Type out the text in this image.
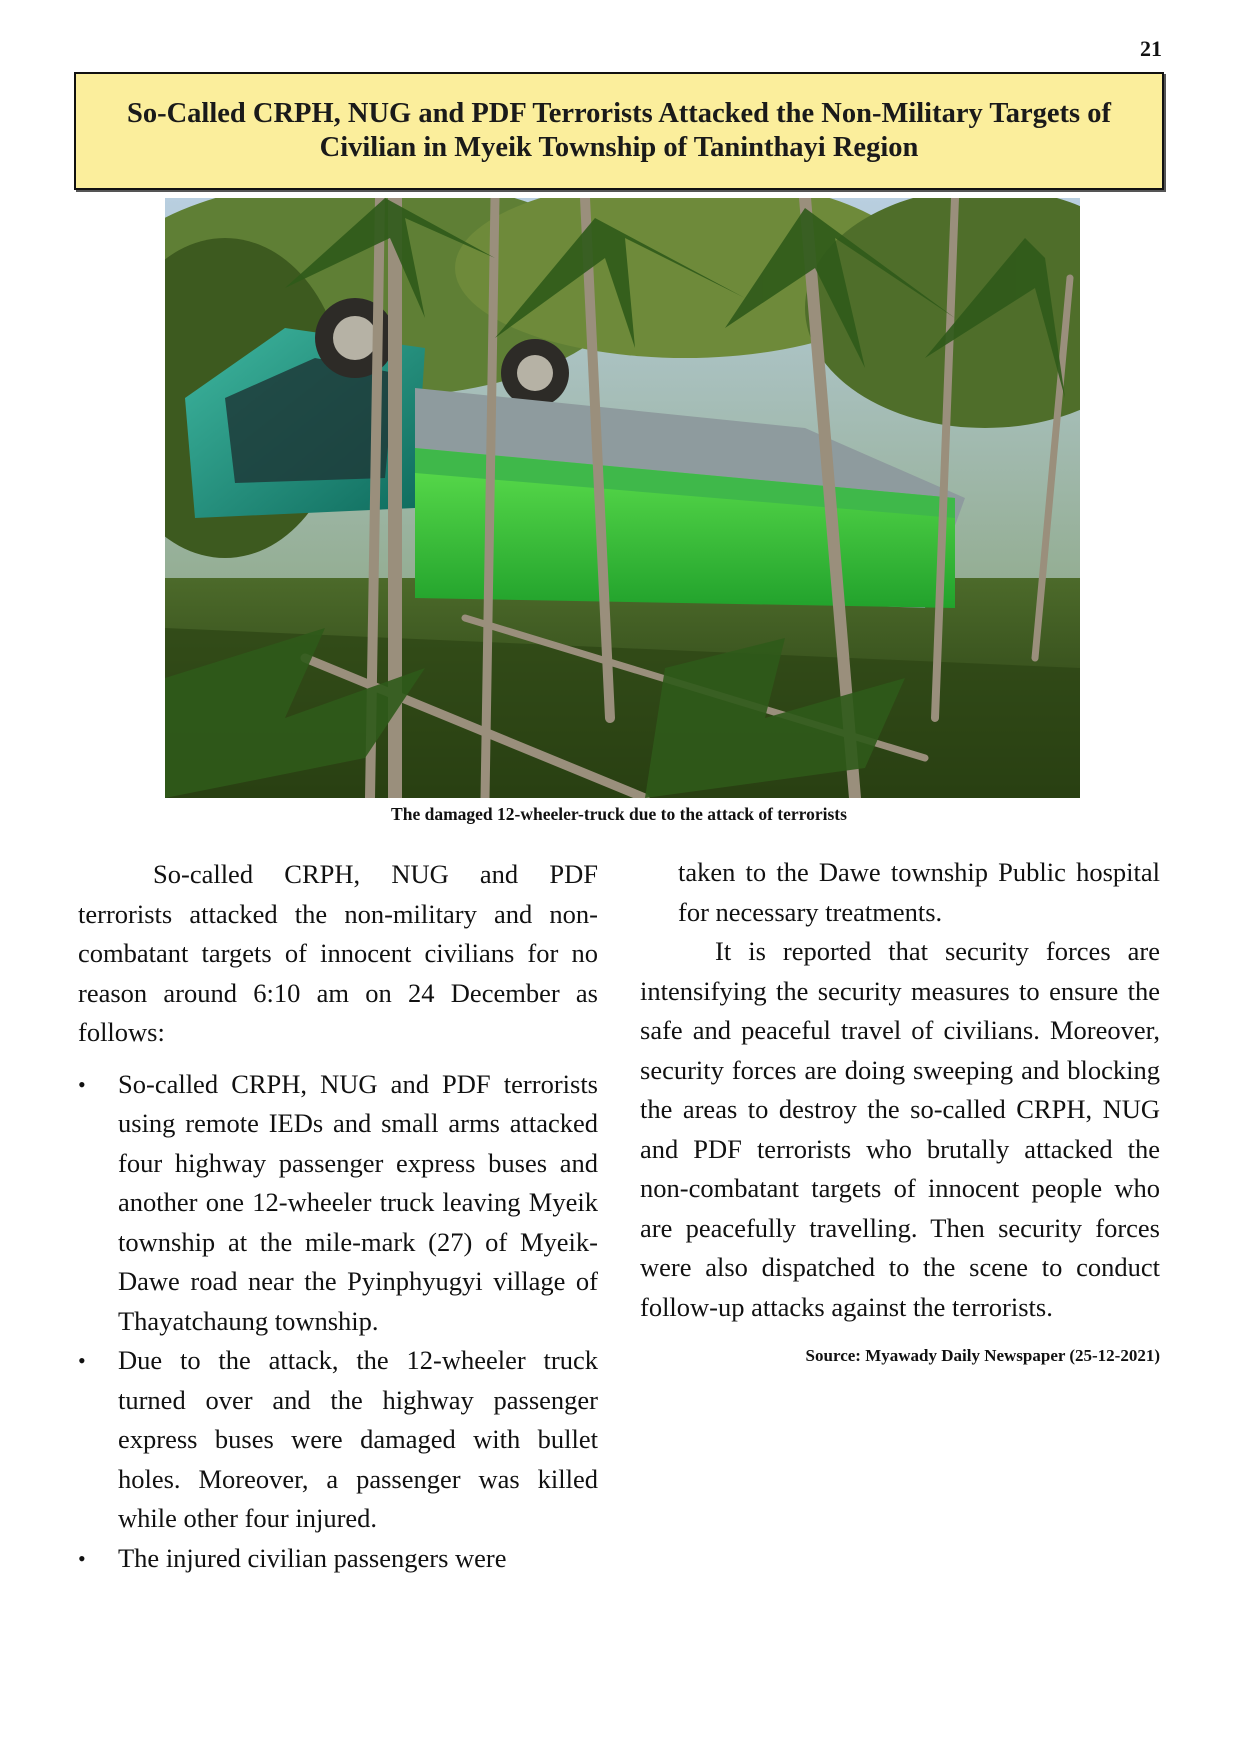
21
So-Called CRPH, NUG and PDF Terrorists Attacked the Non-Military Targets of
Civilian in Myeik Township of Taninthayi Region
The damaged 12-wheeler-truck due to the attack of terrorists

So-called CRPH, NUG and PDF terrorists attacked the non-military and non-combatant targets of innocent civilians for no reason around 6:10 am on 24 December as follows:

• So-called CRPH, NUG and PDF terrorists using remote IEDs and small arms attacked four highway passenger express buses and another one 12-wheeler truck leaving Myeik township at the mile-mark (27) of Myeik-Dawe road near the Pyinphyugyi village of Thayatchaung township.
• Due to the attack, the 12-wheeler truck turned over and the highway passenger express buses were damaged with bullet holes. Moreover, a passenger was killed while other four injured.
• The injured civilian passengers were

taken to the Dawe township Public hospital for necessary treatments.

It is reported that security forces are intensifying the security measures to ensure the safe and peaceful travel of civilians. Moreover, security forces are doing sweeping and blocking the areas to destroy the so-called CRPH, NUG and PDF terrorists who brutally attacked the non-combatant targets of innocent people who are peacefully travelling. Then security forces were also dispatched to the scene to conduct follow-up attacks against the terrorists.

Source: Myawady Daily Newspaper (25-12-2021)
